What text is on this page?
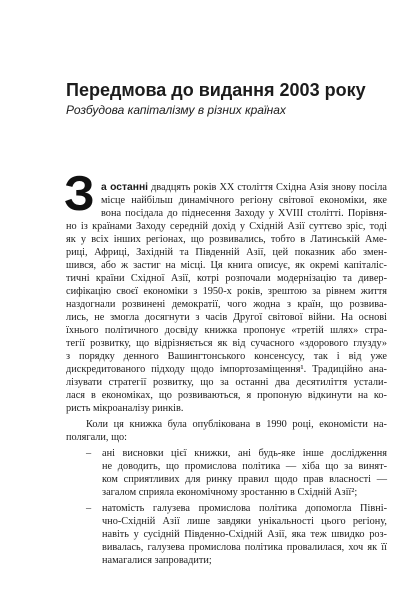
Передмова до видання 2003 року
Розбудова капіталізму в різних країнах
З а останні двадцять років XX століття Східна Азія знову посіла
місце найбільш динамічного регіону світової економіки, яке
вона посідала до піднесення Заходу у XVIII столітті. Порівня-
но із країнами Заходу середній дохід у Східній Азії суттєво зріс, тоді
як у всіх інших регіонах, що розвивались, тобто в Латинській Аме-
риці, Африці, Західній та Південній Азії, цей показник або змен-
шився, або ж застиг на місці. Ця книга описує, як окремі капіталіс-
тичні країни Східної Азії, котрі розпочали модернізацію та дивер-
сифікацію своєї економіки з 1950-х років, зрештою за рівнем життя
наздогнали розвинені демократії, чого жодна з країн, що розвива-
лись, не змогла досягнути з часів Другої світової війни. На основі
їхнього політичного досвіду книжка пропонує «третій шлях» стра-
тегії розвитку, що відрізняється як від сучасного «здорового глузду»
з порядку денного Вашингтонського консенсусу, так і від уже
дискредитованого підходу щодо імпортозаміщення¹. Традиційно ана-
лізувати стратегії розвитку, що за останні два десятиліття устали-
лася в економіках, що розвиваються, я пропоную відкинути на ко-
ристь мікроаналізу ринків.
Коли ця книжка була опублікована в 1990 році, економісти на-
полягали, що:
– ані висновки цієї книжки, ані будь-яке інше дослідження
не доводить, що промислова політика — хіба що за винят-
ком сприятливих для ринку правил щодо прав власності —
загалом сприяла економічному зростанню в Східній Азії²;
– натомість галузева промислова політика допомогла Півні-
чно-Східній Азії лише завдяки унікальності цього регіону,
навіть у сусідній Південно-Східній Азії, яка теж швидко роз-
вивалась, галузева промислова політика провалилася, хоч як її
намагалися запровадити;
